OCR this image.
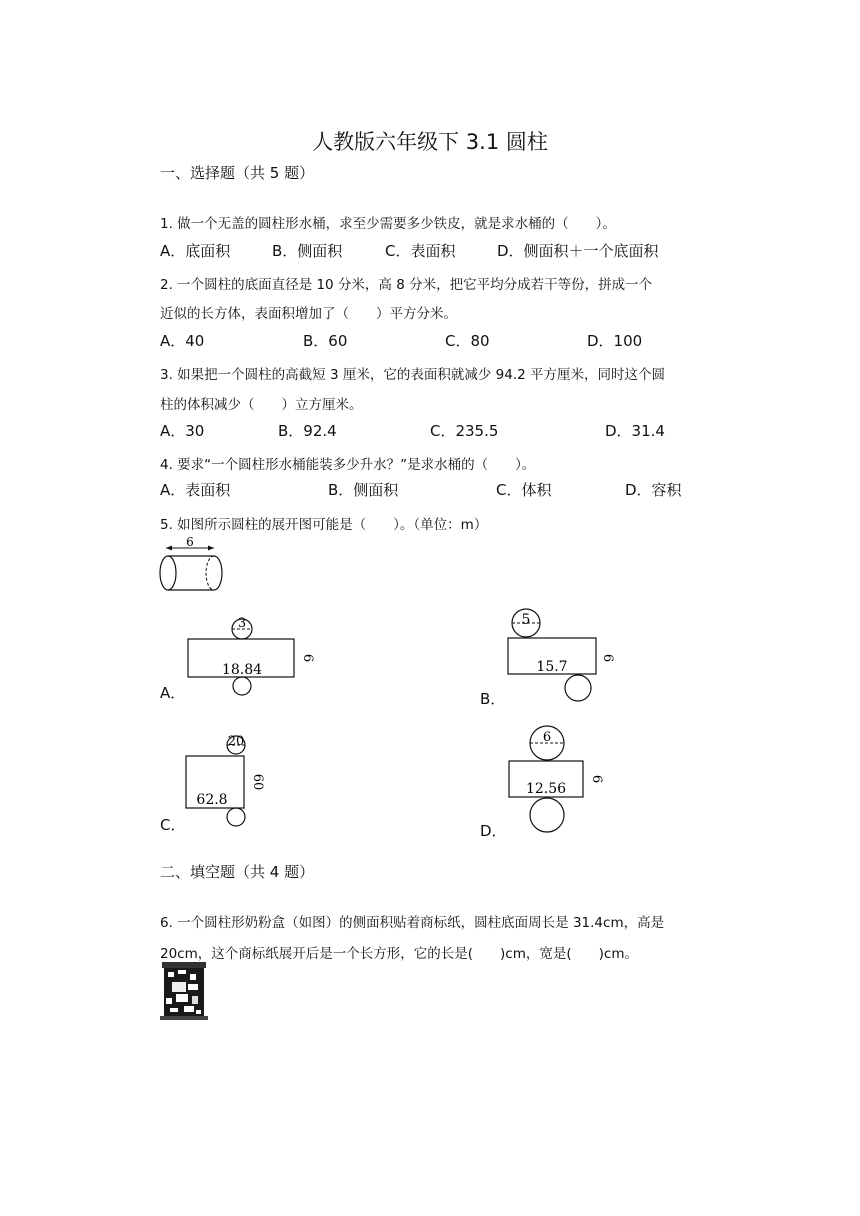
人教版六年级下 3.1 圆柱
一、选择题（共 5 题）
1. 做一个无盖的圆柱形水桶，求至少需要多少铁皮，就是求水桶的（　　）。
A．底面积	B．侧面积	C．表面积	D．侧面积＋一个底面积
2. 一个圆柱的底面直径是 10 分米，高 8 分米，把它平均分成若干等份，拼成一个
近似的长方体，表面积增加了（　　）平方分米。
A．40	B．60	C．80	D．100
3. 如果把一个圆柱的高截短 3 厘米，它的表面积就减少 94.2 平方厘米，同时这个圆
柱的体积减少（　　）立方厘米。
A．30	B．92.4	C．235.5	D．31.4
4. 要求“一个圆柱形水桶能装多少升水？”是求水桶的（　　）。
A．表面积	B．侧面积	C．体积	D．容积
5. 如图所示圆柱的展开图可能是（　　）。（单位：m）
6
3
18.84
6
A．
5
15.7
6
B．
20
62.8
60
C．
6
12.56
6
D．
二、填空题（共 4 题）
6. 一个圆柱形奶粉盒（如图）的侧面积贴着商标纸，圆柱底面周长是 31.4cm，高是
20cm，这个商标纸展开后是一个长方形，它的长是(　　)cm，宽是(　　)cm。
